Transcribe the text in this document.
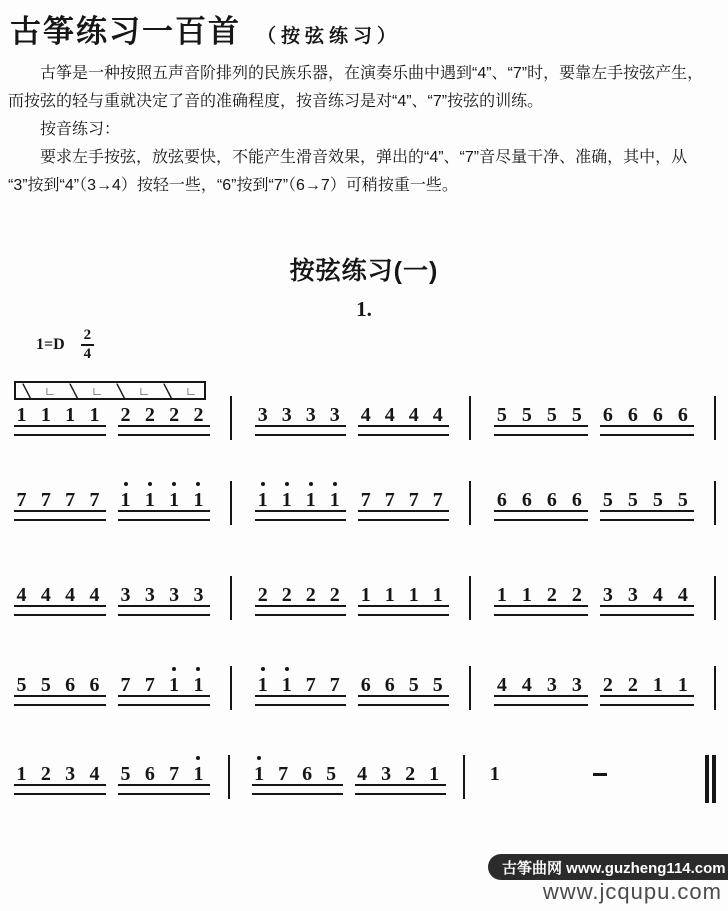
古筝练习一百首 （按弦练习）
古筝是一种按照五声音阶排列的民族乐器，在演奏乐曲中遇到“4”、“7”时，要靠左手按弦产生，
而按弦的轻与重就决定了音的准确程度，按音练习是对“4”、“7”按弦的训练。
按音练习：
要求左手按弦，放弦要快，不能产生滑音效果，弹出的“4”、“7”音尽量干净、准确，其中，从
“3”按到“4”（3→4）按轻一些，“6”按到“7”（6→7）可稍按重一些。
按弦练习(一)
1.
$1=D \frac{2}{4}$
╲ ∟ ╲ ∟ ╲ ∟ ╲ ∟
1 1 1 1 2 2 2 2	3 3 3 3 4 4 4 4	5 5 5 5 6 6 6 6
7 7 7 7 1 1 1 1	1 1 1 1 7 7 7 7	6 6 6 6 5 5 5 5
4 4 4 4 3 3 3 3	2 2 2 2 1 1 1 1	1 1 2 2 3 3 4 4
5 5 6 6 7 7 1 1	1 1 7 7 6 6 5 5	4 4 3 3 2 2 1 1
1 2 3 4 5 6 7 1	1 7 6 5 4 3 2 1	1
古筝曲网 www.guzheng114.com
www.jcqupu.com
